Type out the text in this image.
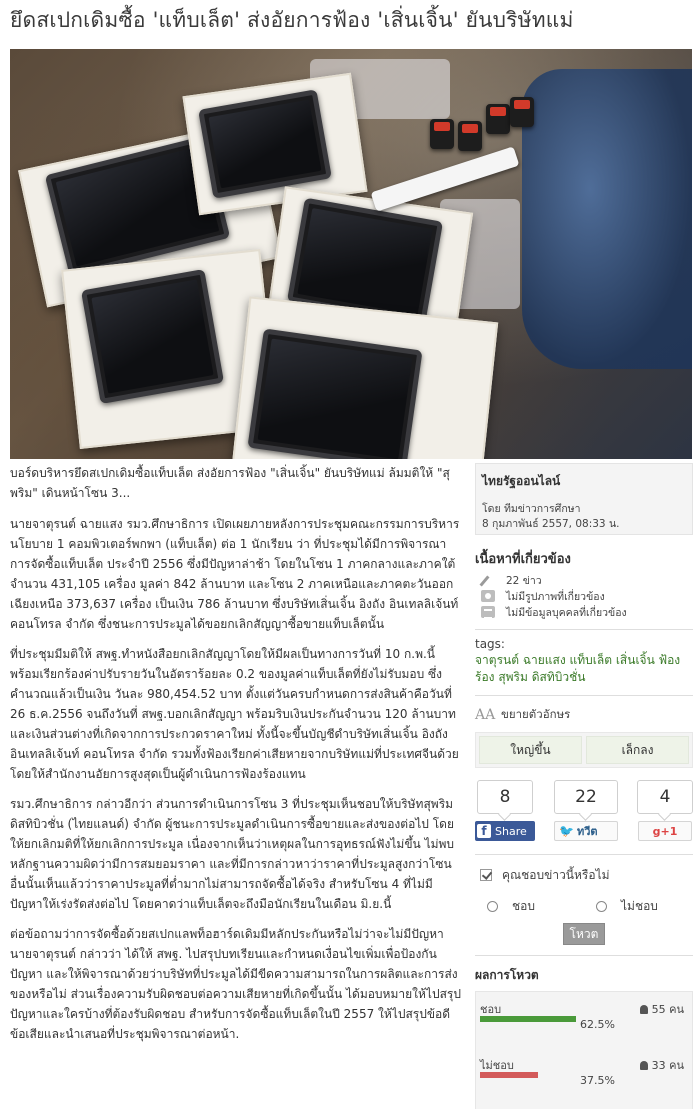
ยึดสเปกเดิมซื้อ 'แท็บเล็ต' ส่งอัยการฟ้อง 'เสิ่นเจิ้น' ยันบริษัทแม่

บอร์ดบริหารยึดสเปกเดิมซื้อแท็บเล็ต ส่งอัยการฟ้อง "เสิ่นเจิ้น" ยันบริษัทแม่ ล้มมติให้ "สุพริม" เดินหน้าโซน 3...

นายจาตุรนต์ ฉายแสง รมว.ศึกษาธิการ เปิดเผยภายหลังการประชุมคณะกรรมการบริหารนโยบาย 1 คอมพิวเตอร์พกพา (แท็บเล็ต) ต่อ 1 นักเรียน ว่า ที่ประชุมได้มีการพิจารณาการจัดซื้อแท็บเล็ต ประจำปี 2556 ซึ่งมีปัญหาล่าช้า โดยในโซน 1 ภาคกลางและภาคใต้ จำนวน 431,105 เครื่อง มูลค่า 842 ล้านบาท และโซน 2 ภาคเหนือและภาคตะวันออกเฉียงเหนือ 373,637 เครื่อง เป็นเงิน 786 ล้านบาท ซึ่งบริษัทเสิ่นเจิ้น อิงถัง อินเทลลิเจ้นท์ คอนโทรล จำกัด ซึ่งชนะการประมูลได้ขอยกเลิกสัญญาซื้อขายแท็บเล็ตนั้น

ที่ประชุมมีมติให้ สพฐ.ทำหนังสือยกเลิกสัญญาโดยให้มีผลเป็นทางการวันที่ 10 ก.พ.นี้ พร้อมเรียกร้องค่าปรับรายวันในอัตราร้อยละ 0.2 ของมูลค่าแท็บเล็ตที่ยังไม่รับมอบ ซึ่งคำนวณแล้วเป็นเงิน วันละ 980,454.52 บาท ตั้งแต่วันครบกำหนดการส่งสินค้าคือวันที่ 26 ธ.ค.2556 จนถึงวันที่ สพฐ.บอกเลิกสัญญา พร้อมริบเงินประกันจำนวน 120 ล้านบาท และเงินส่วนต่างที่เกิดจากการประกวดราคาใหม่ ทั้งนี้จะขึ้นบัญชีดำบริษัทเสิ่นเจิ้น อิงถัง อินเทลลิเจ้นท์ คอนโทรล จำกัด รวมทั้งฟ้องเรียกค่าเสียหายจากบริษัทแม่ที่ประเทศจีนด้วย โดยให้สำนักงานอัยการสูงสุดเป็นผู้ดำเนินการฟ้องร้องแทน

รมว.ศึกษาธิการ กล่าวอีกว่า ส่วนการดำเนินการโซน 3 ที่ประชุมเห็นชอบให้บริษัทสุพริม ดิสทิบิวชั่น (ไทยแลนด์) จำกัด ผู้ชนะการประมูลดำเนินการซื้อขายและส่งของต่อไป โดยให้ยกเลิกมติที่ให้ยกเลิกการประมูล เนื่องจากเห็นว่าเหตุผลในการอุทธรณ์ฟังไม่ขึ้น ไม่พบหลักฐานความผิดว่ามีการสมยอมราคา และที่มีการกล่าวหาว่าราคาที่ประมูลสูงกว่าโซนอื่นนั้นเห็นแล้วว่าราคาประมูลที่ต่ำมากไม่สามารถจัดซื้อได้จริง สำหรับโซน 4 ที่ไม่มีปัญหาให้เร่งรัดส่งต่อไป โดยคาดว่าแท็บเล็ตจะถึงมือนักเรียนในเดือน มิ.ย.นี้

ต่อข้อถามว่าการจัดซื้อด้วยสเปกแลพท็อฮาร์ดเดิมมีหลักประกันหรือไม่ว่าจะไม่มีปัญหา นายจาตุรนต์ กล่าวว่า ได้ให้ สพฐ. ไปสรุปบทเรียนและกำหนดเงื่อนไขเพิ่มเพื่อป้องกันปัญหา และให้พิจารณาด้วยว่าบริษัทที่ประมูลได้มีขีดความสามารถในการผลิตและการส่งของหรือไม่ ส่วนเรื่องความรับผิดชอบต่อความเสียหายที่เกิดขึ้นนั้น ได้มอบหมายให้ไปสรุปปัญหาและใครบ้างที่ต้องรับผิดชอบ สำหรับการจัดซื้อแท็บเล็ตในปี 2557 ให้ไปสรุปข้อดีข้อเสียและนำเสนอที่ประชุมพิจารณาต่อหน้า.

ไทยรัฐออนไลน์
โดย ทีมข่าวการศึกษา
8 กุมภาพันธ์ 2557, 08:33 น.
เนื้อหาที่เกี่ยวข้อง
22 ข่าว
ไม่มีรูปภาพที่เกี่ยวข้อง
ไม่มีข้อมูลบุคคลที่เกี่ยวข้อง
tags:
จาตุรนต์ ฉายแสง แท็บเล็ต เสิ่นเจิ้น ฟ้องร้อง สุพริม ดิสทิบิวชั่น
AA ขยายตัวอักษร
ใหญ่ขึ้น	เล็กลง
8
f Share
22
🐦 ทวีต
4
g +1
คุณชอบข่าวนี้หรือไม่
ชอบ	ไม่ชอบ
โหวต
ผลการโหวต
ชอบ	55 คน
62.5%
ไม่ชอบ	33 คน
37.5%
